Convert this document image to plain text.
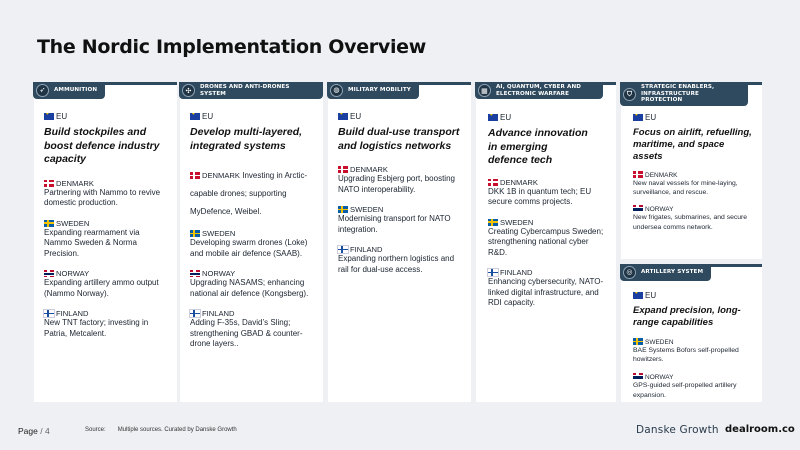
The Nordic Implementation Overview
➶	AMMUNITION
•EU
Build stockpiles and boost defence industry capacity
DENMARK
Partnering with Nammo to revive domestic production.
SWEDEN
Expanding rearmament via Nammo Sweden & Norma Precision.
NORWAY
Expanding artillery ammo output (Nammo Norway).
FINLAND
New TNT factory; investing in Patria, Metcalent.
✣	DRONES AND ANTI-DRONES SYSTEM
•EU
Develop multi-layered, integrated systems
DENMARK Investing in Arctic-capable drones; supporting MyDefence, Weibel.
SWEDEN
Developing swarm drones (Loke) and mobile air defence (SAAB).
NORWAY
Upgrading NASAMS; enhancing national air defence (Kongsberg).
FINLAND
Adding F-35s, David’s Sling; strengthening GBAD & counter-drone layers..
◍	MILITARY MOBILITY
•EU
Build dual-use transport and logistics networks
DENMARK
Upgrading Esbjerg port, boosting NATO interoperability.
SWEDEN
Modernising transport for NATO integration.
FINLAND
Expanding northern logistics and rail for dual-use access.
▦	AI, QUANTUM, CYBER AND ELECTRONIC WARFARE
•EU
Advance innovation in emerging defence tech
DENMARK
DKK 1B in quantum tech; EU secure comms projects.
SWEDEN
Creating Cybercampus Sweden; strengthening national cyber R&D.
FINLAND
Enhancing cybersecurity, NATO-linked digital infrastructure, and RDI capacity.
⛉
STRATEGIC ENABLERS, INFRASTRUCTURE PROTECTION
•EU
Focus on airlift, refuelling, maritime, and space assets
DENMARK
New naval vessels for mine-laying, surveillance, and rescue.
NORWAY
New frigates, submarines, and secure undersea comms network.
◎	ARTILLERY SYSTEM
•EU
Expand precision, long-range capabilities
SWEDEN
BAE Systems Bofors self-propelled howitzers.
NORWAY
GPS-guided self-propelled artillery expansion.
Page / 4	Source: Multiple sources. Curated by Danske Growth	Danske Growth dealroom.co
